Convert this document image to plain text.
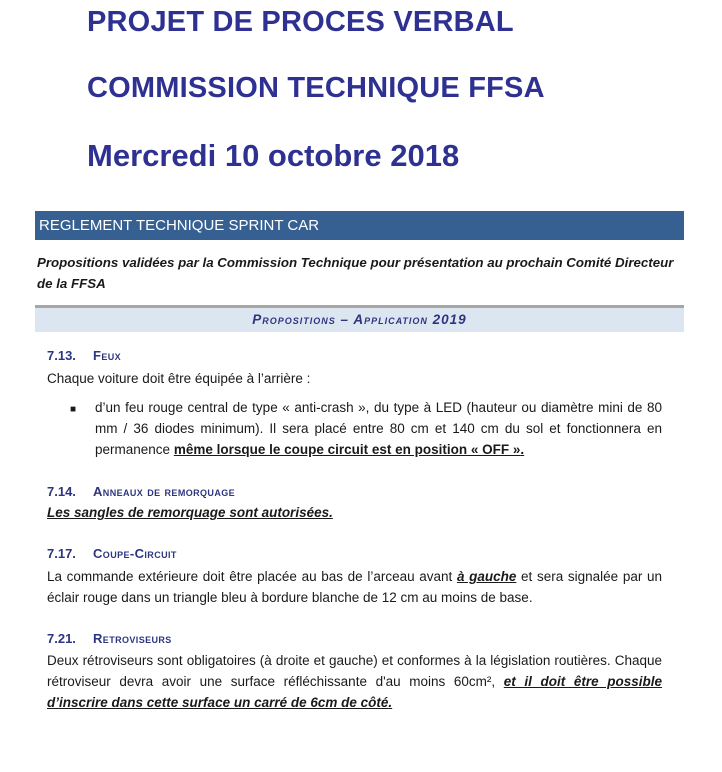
PROJET DE PROCES VERBAL
COMMISSION TECHNIQUE FFSA
Mercredi 10 octobre 2018
REGLEMENT TECHNIQUE SPRINT CAR
Propositions validées par la Commission Technique pour présentation au prochain Comité Directeur de la FFSA
Propositions – Application 2019
7.13. Feux
Chaque voiture doit être équipée à l’arrière :
■ d’un feu rouge central de type « anti-crash », du type à LED (hauteur ou diamètre mini de 80 mm / 36 diodes minimum). Il sera placé entre 80 cm et 140 cm du sol et fonctionnera en permanence même lorsque le coupe circuit est en position « OFF ».
7.14. Anneaux de remorquage
Les sangles de remorquage sont autorisées.
7.17. Coupe-Circuit
La commande extérieure doit être placée au bas de l’arceau avant à gauche et sera signalée par un éclair rouge dans un triangle bleu à bordure blanche de 12 cm au moins de base.
7.21. Retroviseurs
Deux rétroviseurs sont obligatoires (à droite et gauche) et conformes à la législation routières. Chaque rétroviseur devra avoir une surface réfléchissante d'au moins 60cm², et il doit être possible d’inscrire dans cette surface un carré de 6cm de côté.
